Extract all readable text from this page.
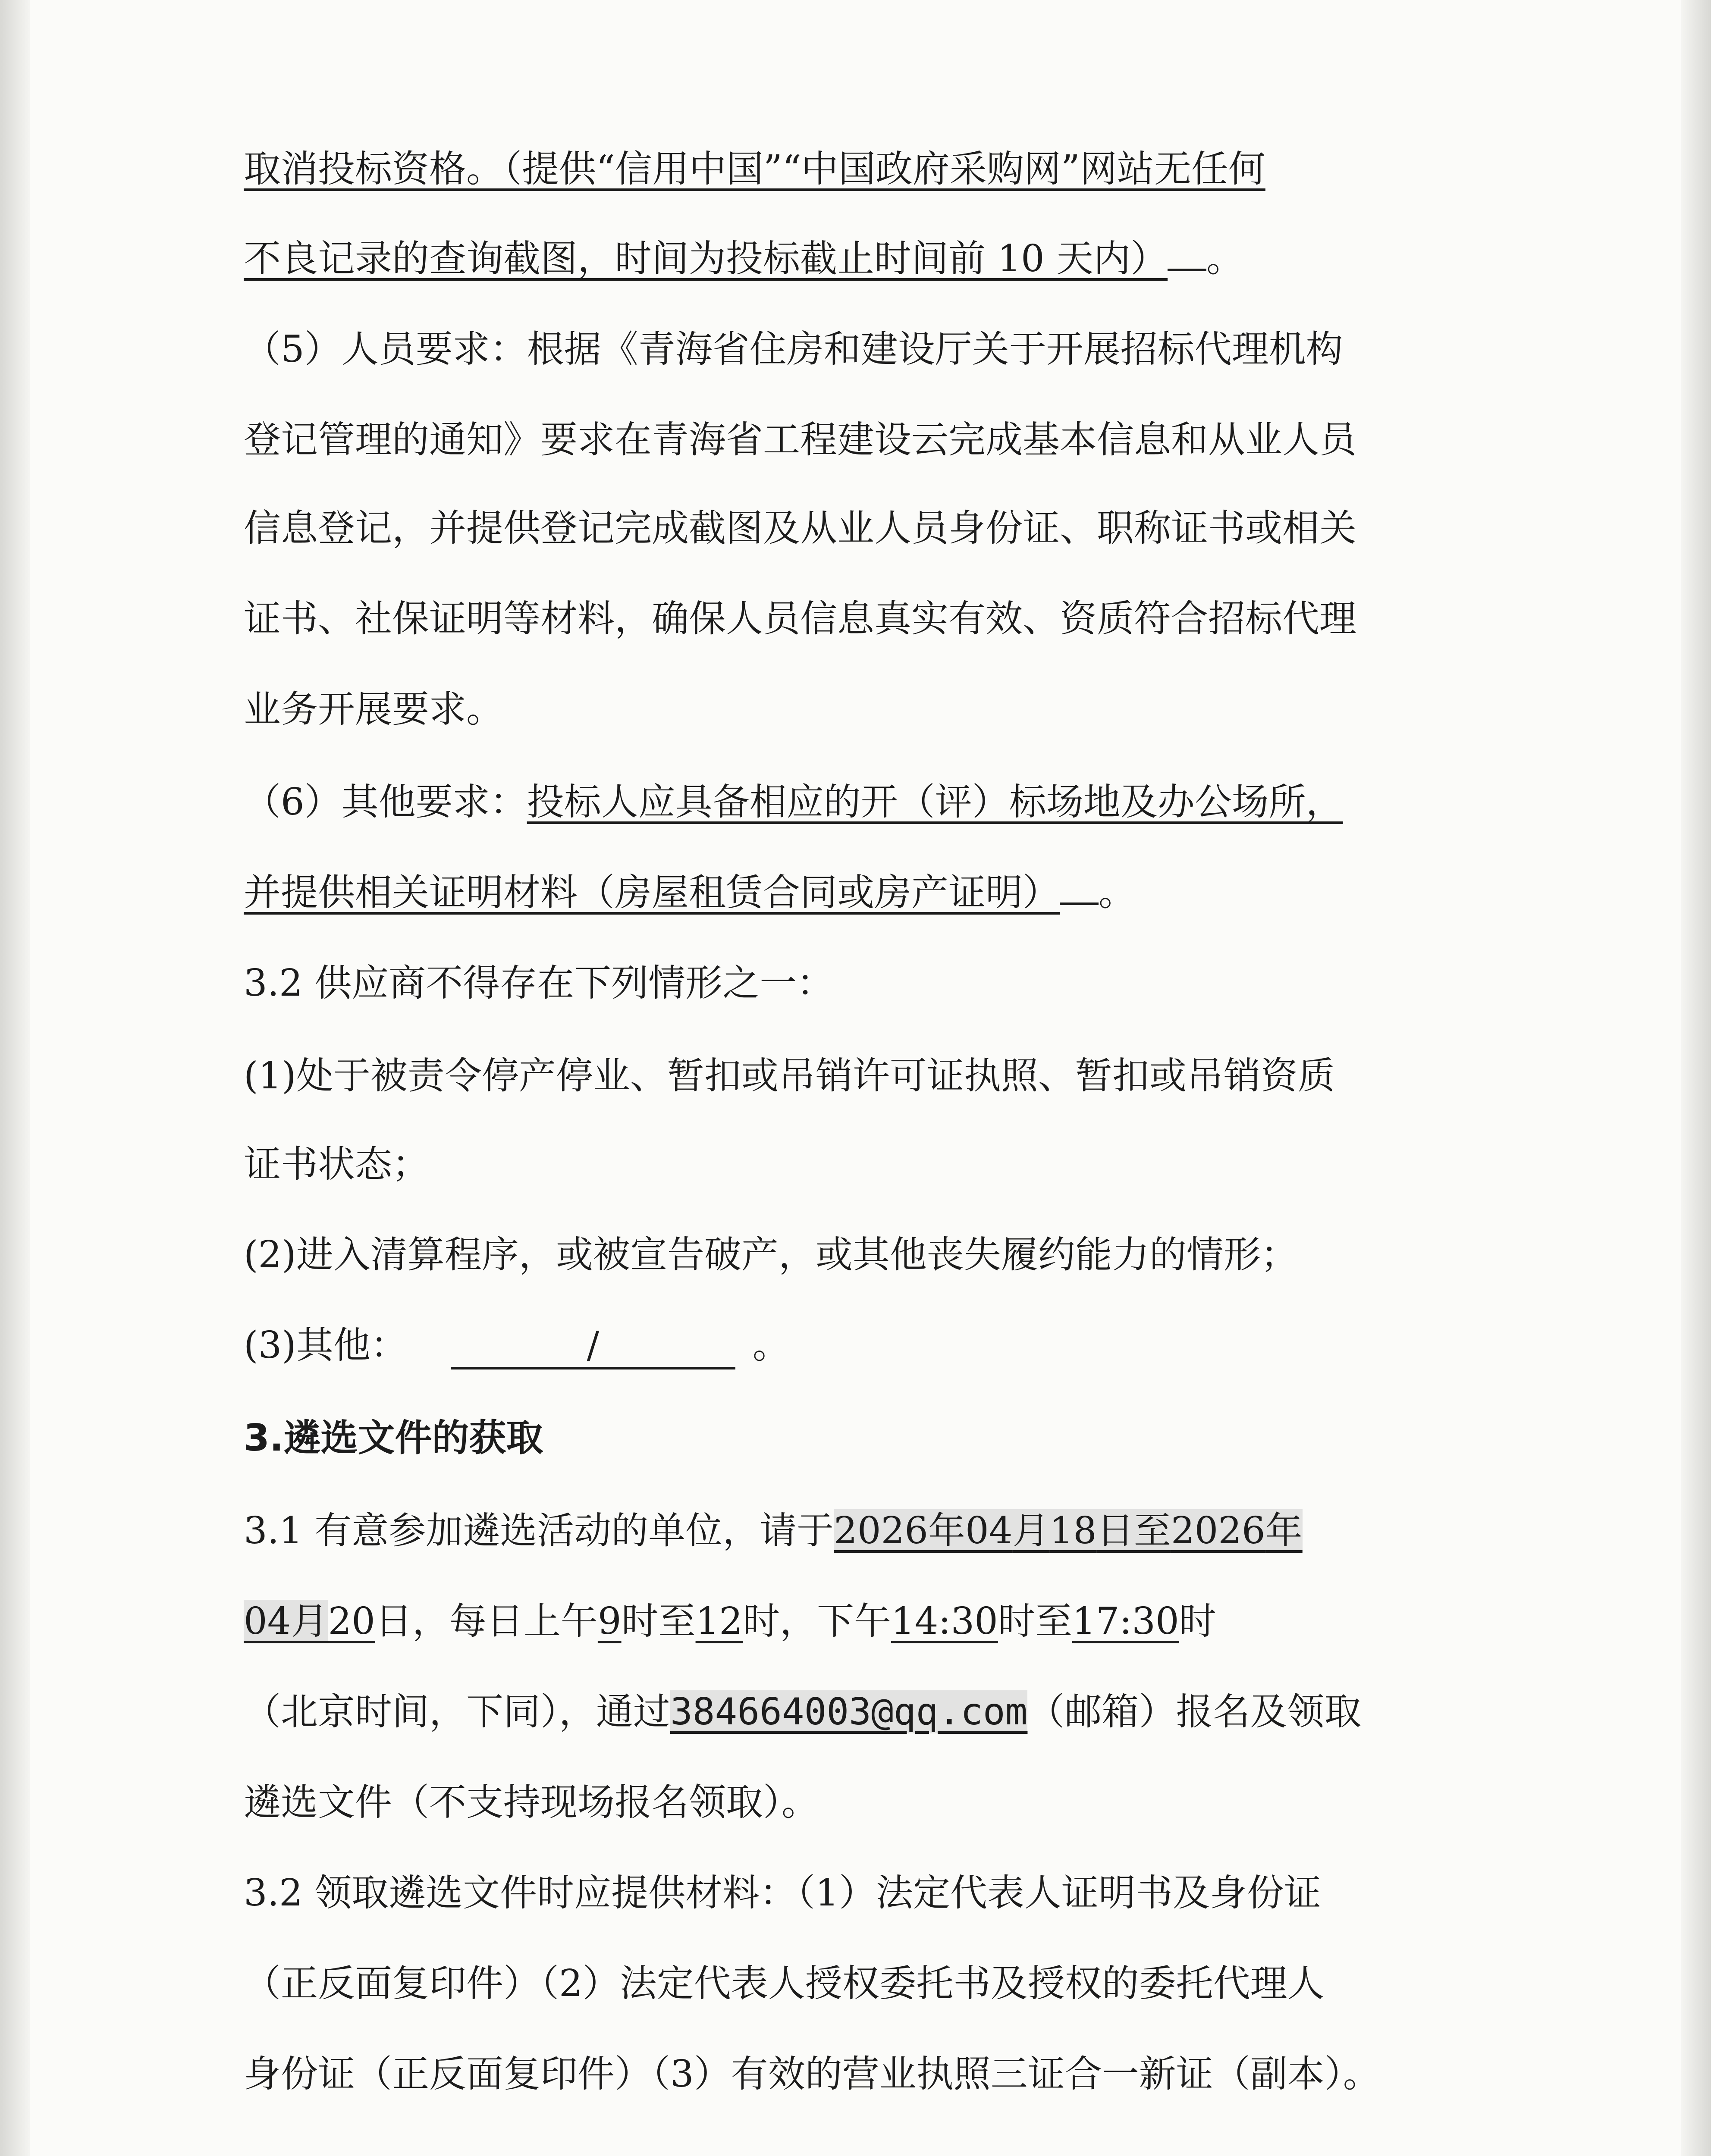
取消投标资格。（提供“信用中国”“中国政府采购网”网站无任何
不良记录的查询截图，时间为投标截止时间前 10 天内） 。
（5）人员要求：根据《青海省住房和建设厅关于开展招标代理机构
登记管理的通知》要求在青海省工程建设云完成基本信息和从业人员
信息登记，并提供登记完成截图及从业人员身份证、职称证书或相关
证书、社保证明等材料，确保人员信息真实有效、资质符合招标代理
业务开展要求。
（6）其他要求：投标人应具备相应的开（评）标场地及办公场所，
并提供相关证明材料（房屋租赁合同或房产证明） 。
3.2 供应商不得存在下列情形之一：
(1)处于被责令停产停业、暂扣或吊销许可证执照、暂扣或吊销资质
证书状态；
(2)进入清算程序，或被宣告破产，或其他丧失履约能力的情形；
(3)其他：	/	。
3.遴选文件的获取
3.1 有意参加遴选活动的单位，请于2026年04月18日至2026年
04月20日，每日上午9时至12时，下午14:30时至17:30时
（北京时间，下同），通过384664003@qq.com（邮箱）报名及领取
遴选文件（不支持现场报名领取）。
3.2 领取遴选文件时应提供材料：（1）法定代表人证明书及身份证
（正反面复印件）（2）法定代表人授权委托书及授权的委托代理人
身份证（正反面复印件）（3）有效的营业执照三证合一新证（副本）。
